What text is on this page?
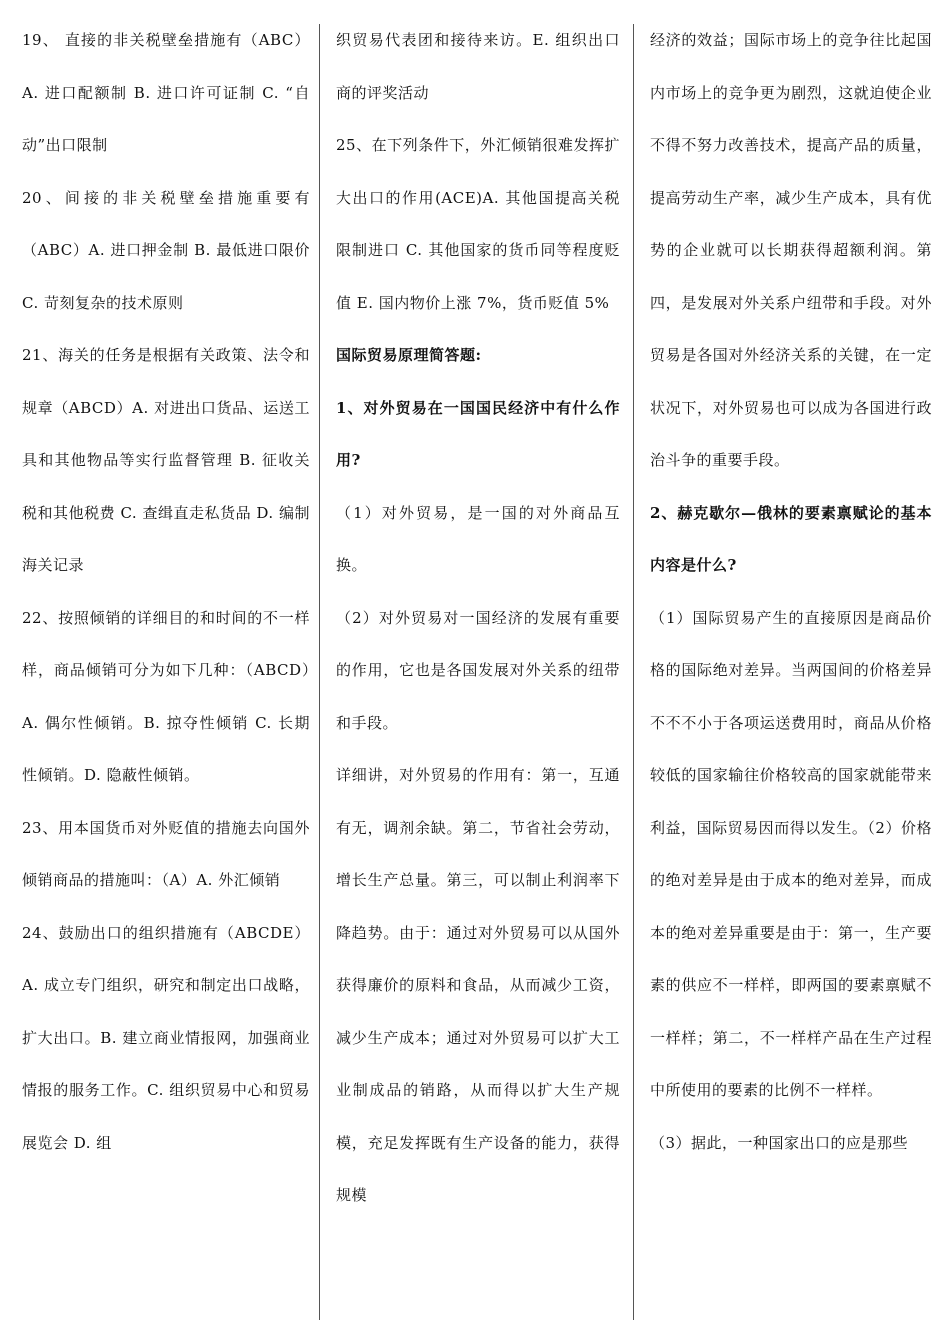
19、 直接的非关税壁垒措施有（ABC）A. 进口配额制 B. 进口许可证制 C. “自动”出口限制

20、间接的非关税壁垒措施重要有（ABC）A. 进口押金制 B. 最低进口限价 C. 苛刻复杂的技术原则

21、海关的任务是根据有关政策、法令和规章（ABCD）A. 对进出口货品、运送工具和其他物品等实行监督管理 B. 征收关税和其他税费 C. 查缉直走私货品 D. 编制海关记录

22、按照倾销的详细目的和时间的不一样样，商品倾销可分为如下几种：（ABCD）A. 偶尔性倾销。B. 掠夺性倾销 C. 长期性倾销。D. 隐蔽性倾销。

23、用本国货币对外贬值的措施去向国外倾销商品的措施叫：（A）A. 外汇倾销

24、鼓励出口的组织措施有（ABCDE）A. 成立专门组织，研究和制定出口战略，扩大出口。B. 建立商业情报网，加强商业情报的服务工作。C. 组织贸易中心和贸易展览会 D. 组

织贸易代表团和接待来访。E. 组织出口商的评奖活动

25、在下列条件下，外汇倾销很难发挥扩大出口的作用(ACE)A. 其他国提高关税限制进口 C. 其他国家的货币同等程度贬值 E. 国内物价上涨 7%，货币贬值 5%

国际贸易原理简答题:

1、对外贸易在一国国民经济中有什么作用?

（1）对外贸易，是一国的对外商品互换。

（2）对外贸易对一国经济的发展有重要的作用，它也是各国发展对外关系的纽带和手段。

详细讲，对外贸易的作用有：第一，互通有无，调剂余缺。第二，节省社会劳动，增长生产总量。第三，可以制止利润率下降趋势。由于：通过对外贸易可以从国外获得廉价的原料和食品，从而减少工资，减少生产成本；通过对外贸易可以扩大工业制成品的销路，从而得以扩大生产规模，充足发挥既有生产设备的能力，获得规模

经济的效益；国际市场上的竞争往比起国内市场上的竞争更为剧烈，这就迫使企业不得不努力改善技术，提高产品的质量，提高劳动生产率，减少生产成本，具有优势的企业就可以长期获得超额利润。第四，是发展对外关系户纽带和手段。对外贸易是各国对外经济关系的关键，在一定状况下，对外贸易也可以成为各国进行政治斗争的重要手段。

2、赫克歇尔—俄林的要素禀赋论的基本内容是什么?

（1）国际贸易产生的直接原因是商品价格的国际绝对差异。当两国间的价格差异不不不小于各项运送费用时，商品从价格较低的国家输往价格较高的国家就能带来利益，国际贸易因而得以发生。（2）价格的绝对差异是由于成本的绝对差异，而成本的绝对差异重要是由于：第一，生产要素的供应不一样样，即两国的要素禀赋不一样样；第二，不一样样产品在生产过程中所使用的要素的比例不一样样。

（3）据此，一种国家出口的应是那些
